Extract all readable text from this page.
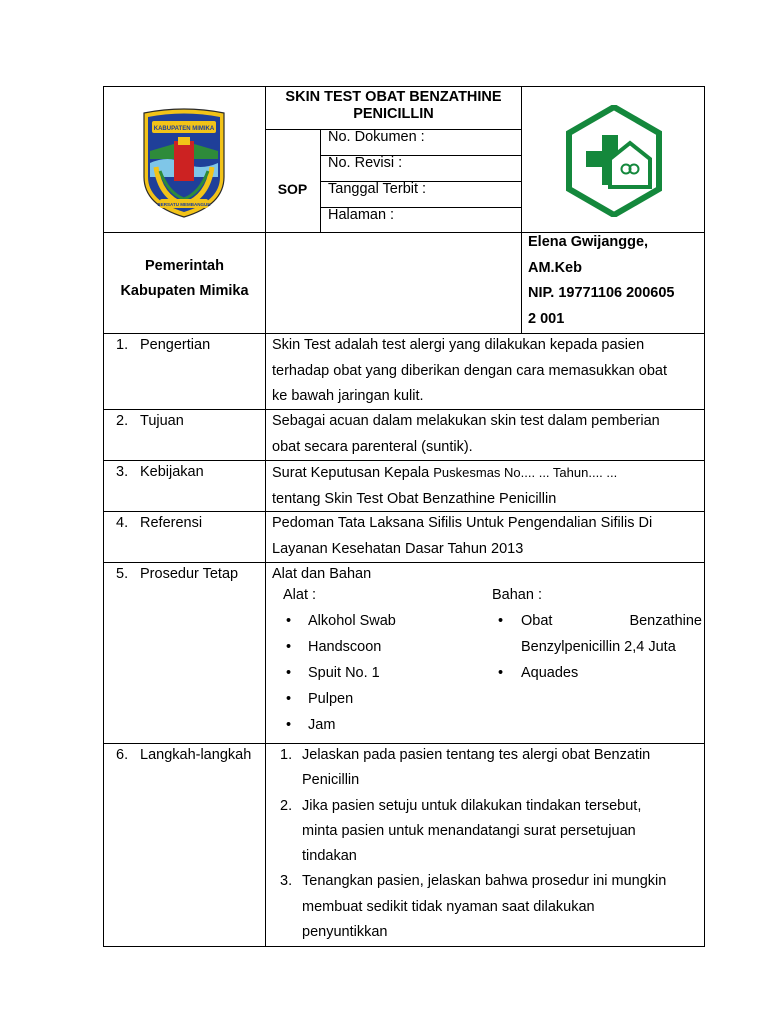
KABUPATEN MIMIKA
BERSATU MEMBANGUN
SKIN TEST OBAT BENZATHINE PENICILLIN
SOP
No. Dokumen :
No. Revisi :
Tanggal Terbit :
Halaman :
Pemerintah
Kabupaten Mimika
Elena Gwijangge,
AM.Keb
NIP. 19771106 200605
2 001
1. Pengertian	Skin Test adalah test alergi yang dilakukan kepada pasien
terhadap obat yang diberikan dengan cara memasukkan obat
ke bawah jaringan kulit.
2. Tujuan	Sebagai acuan dalam melakukan skin test dalam pemberian
obat secara parenteral (suntik).
3. Kebijakan	Surat Keputusan Kepala Puskesmas No.... ... Tahun.... ...
tentang Skin Test Obat Benzathine Penicillin
4. Referensi	Pedoman Tata Laksana Sifilis Untuk Pengendalian Sifilis Di
Layanan Kesehatan Dasar Tahun 2013
5. Prosedur Tetap Alat dan Bahan
Alat :
• Alkohol Swab
• Handscoon
• Spuit No. 1
• Pulpen
• Jam
Bahan :
• Obat	Benzathine
Benzylpenicillin 2,4 Juta
• Aquades
6. Langkah-langkah 1. Jelaskan pada pasien tentang tes alergi obat Benzatin
Penicillin
2. Jika pasien setuju untuk dilakukan tindakan tersebut,
minta pasien untuk menandatangi surat persetujuan
tindakan
3. Tenangkan pasien, jelaskan bahwa prosedur ini mungkin
membuat sedikit tidak nyaman saat dilakukan
penyuntikkan
